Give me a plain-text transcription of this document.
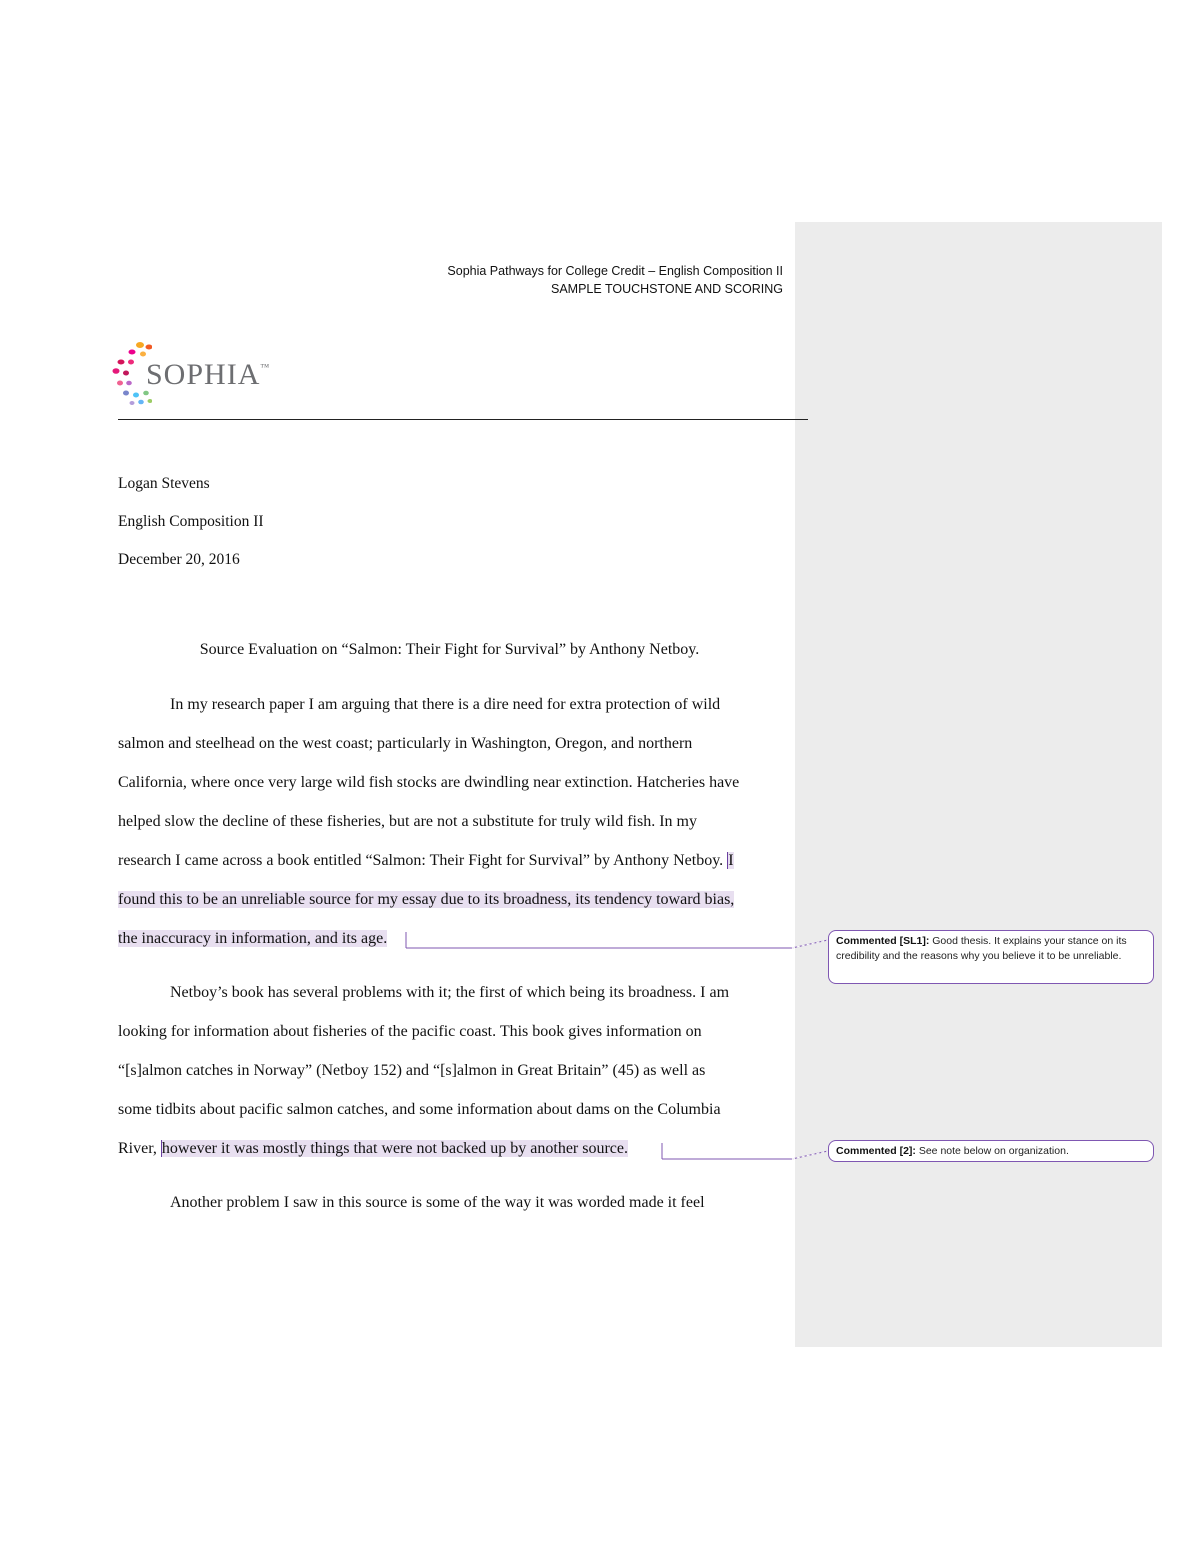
Sophia Pathways for College Credit – English Composition II
SAMPLE TOUCHSTONE AND SCORING
SOPHIA™
Logan Stevens
English Composition II
December 20, 2016
Source Evaluation on “Salmon: Their Fight for Survival” by Anthony Netboy.
In my research paper I am arguing that there is a dire need for extra protection of wild
salmon and steelhead on the west coast; particularly in Washington, Oregon, and northern
California, where once very large wild fish stocks are dwindling near extinction. Hatcheries have
helped slow the decline of these fisheries, but are not a substitute for truly wild fish. In my
research I came across a book entitled “Salmon: Their Fight for Survival” by Anthony Netboy. I
found this to be an unreliable source for my essay due to its broadness, its tendency toward bias,
the inaccuracy in information, and its age.
Netboy’s book has several problems with it; the first of which being its broadness. I am
looking for information about fisheries of the pacific coast. This book gives information on
“[s]almon catches in Norway” (Netboy 152) and “[s]almon in Great Britain” (45) as well as
some tidbits about pacific salmon catches, and some information about dams on the Columbia
River, however it was mostly things that were not backed up by another source.
Another problem I saw in this source is some of the way it was worded made it feel
Commented [SL1]: Good thesis. It explains your stance on its credibility and the reasons why you believe it to be unreliable.
Commented [2]: See note below on organization.
